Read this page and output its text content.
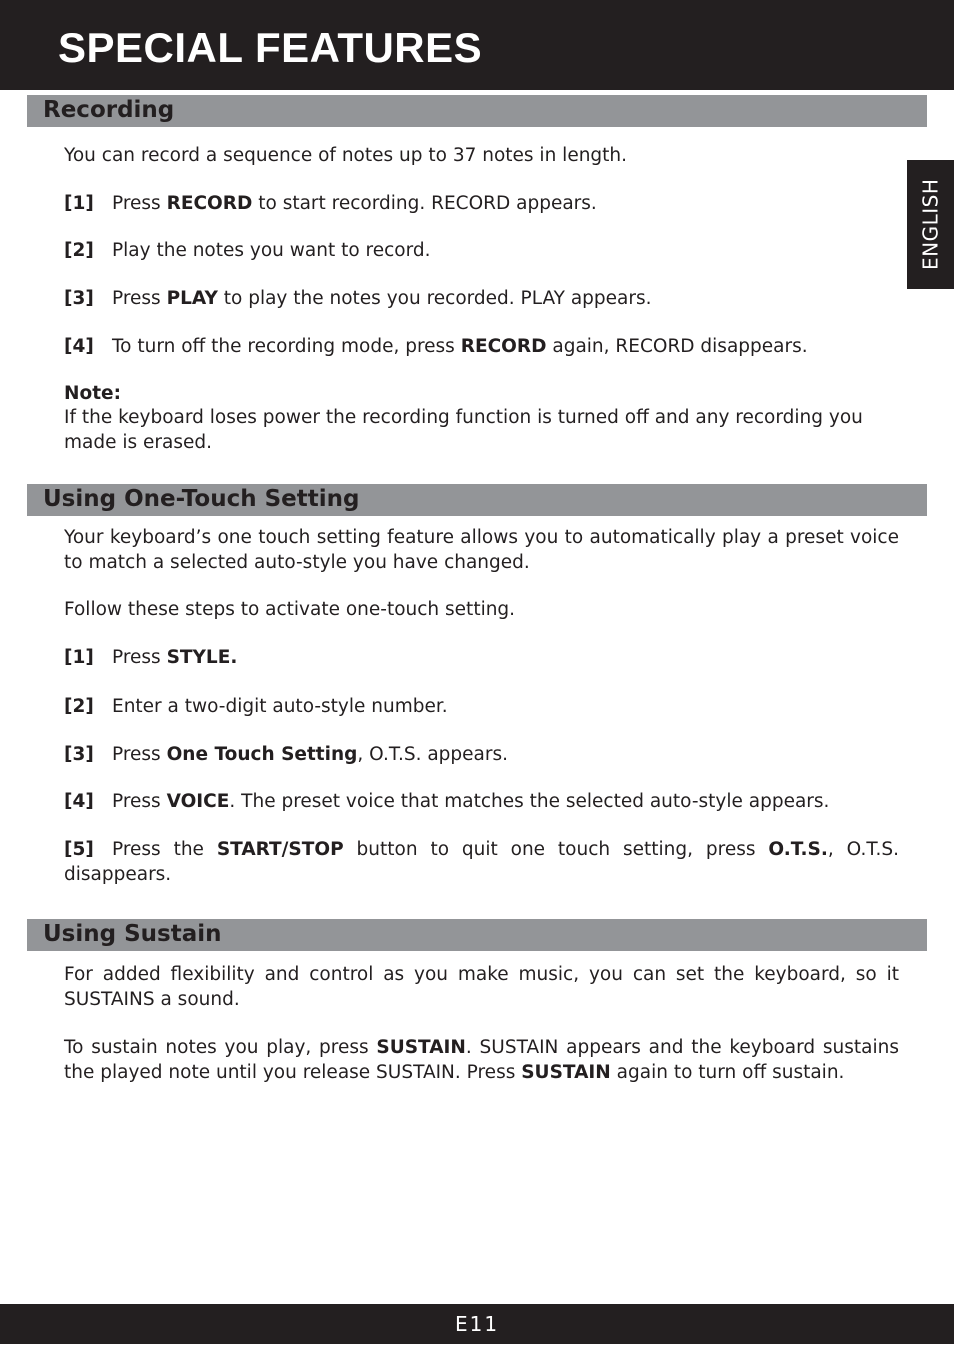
SPECIAL FEATURES
ENGLISH
Recording

You can record a sequence of notes up to 37 notes in length.

[1] Press RECORD to start recording. RECORD appears.

[2] Play the notes you want to record.

[3] Press PLAY to play the notes you recorded. PLAY appears.

[4] To turn off the recording mode, press RECORD again, RECORD disappears.

Note:

If the keyboard loses power the recording function is turned off and any recording you made is erased.

Using One-Touch Setting

Your keyboard’s one touch setting feature allows you to automatically play a preset voice to match a selected auto-style you have changed.

Follow these steps to activate one-touch setting.

[1] Press STYLE.

[2] Enter a two-digit auto-style number.

[3] Press One Touch Setting, O.T.S. appears.

[4] Press VOICE. The preset voice that matches the selected auto-style appears.

[5] Press the START/STOP button to quit one touch setting, press O.T.S., O.T.S. disappears.

Using Sustain

For added flexibility and control as you make music, you can set the keyboard, so it SUSTAINS a sound.

To sustain notes you play, press SUSTAIN. SUSTAIN appears and the keyboard sustains the played note until you release SUSTAIN. Press SUSTAIN again to turn off sustain.

E11
